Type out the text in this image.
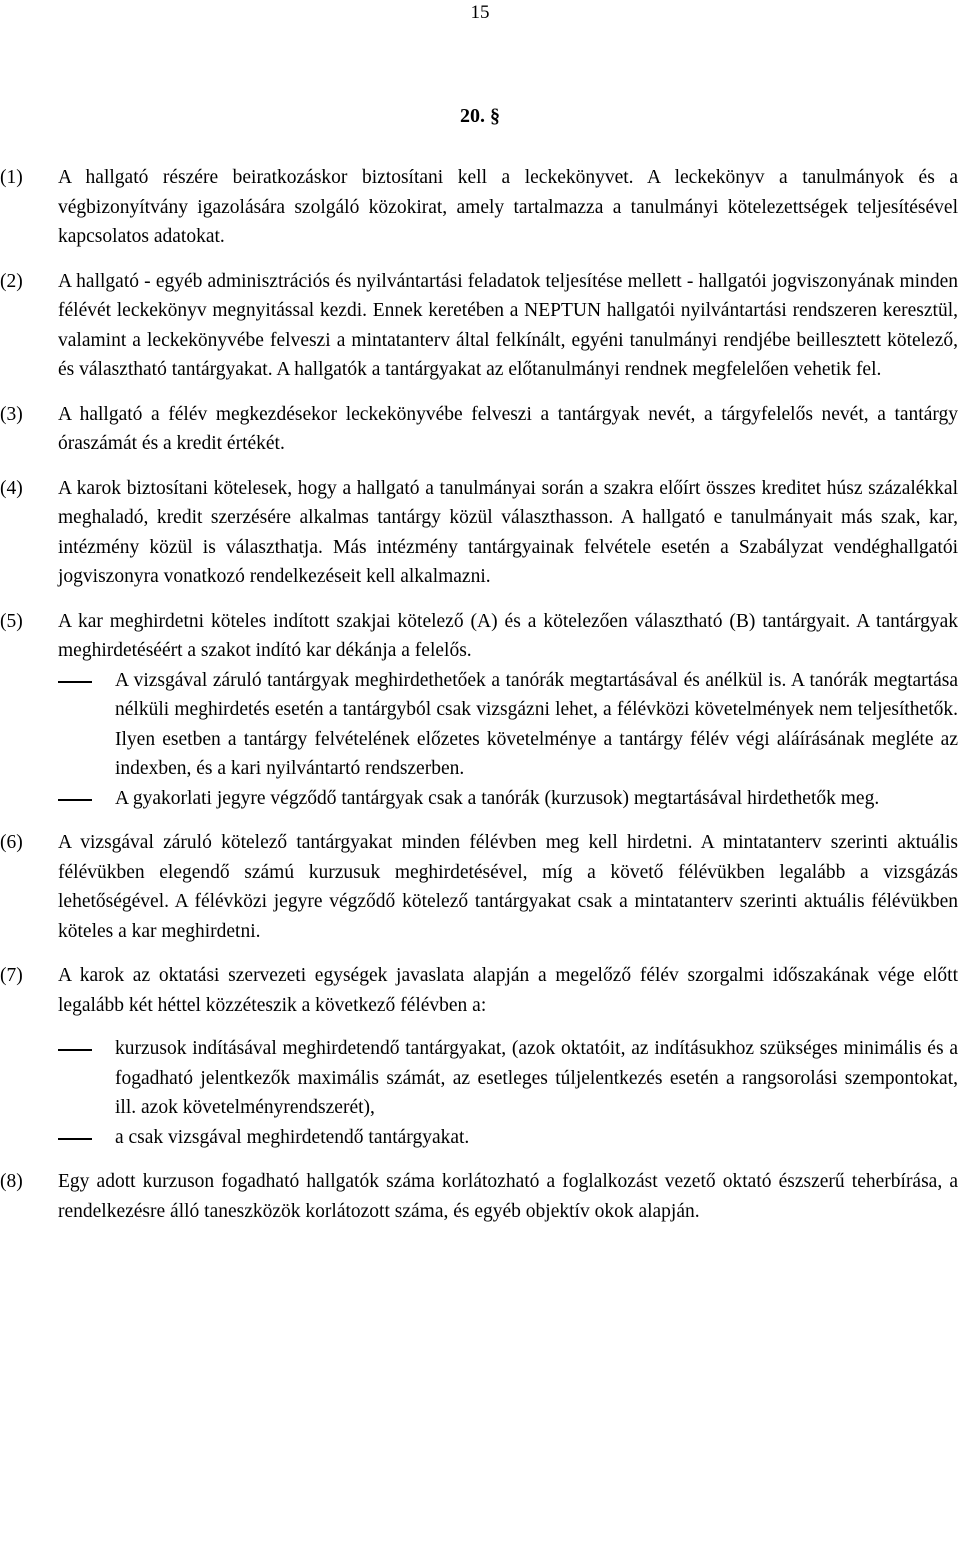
15
20. §
(1) A hallgató részére beiratkozáskor biztosítani kell a leckekönyvet. A leckekönyv a tanulmányok és a végbizonyítvány igazolására szolgáló közokirat, amely tartalmazza a tanulmányi kötelezettségek teljesítésével kapcsolatos adatokat.
(2) A hallgató - egyéb adminisztrációs és nyilvántartási feladatok teljesítése mellett - hallgatói jogviszonyának minden félévét leckekönyv megnyitással kezdi. Ennek keretében a NEPTUN hallgatói nyilvántartási rendszeren keresztül, valamint a leckekönyvébe felveszi a mintatanterv által felkínált, egyéni tanulmányi rendjébe beillesztett kötelező, és választható tantárgyakat. A hallgatók a tantárgyakat az előtanulmányi rendnek megfelelően vehetik fel.
(3) A hallgató a félév megkezdésekor leckekönyvébe felveszi a tantárgyak nevét, a tárgyfelelős nevét, a tantárgy óraszámát és a kredit értékét.
(4) A karok biztosítani kötelesek, hogy a hallgató a tanulmányai során a szakra előírt összes kreditet húsz százalékkal meghaladó, kredit szerzésére alkalmas tantárgy közül választhasson. A hallgató e tanulmányait más szak, kar, intézmény közül is választhatja. Más intézmény tantárgyainak felvétele esetén a Szabályzat vendéghallgatói jogviszonyra vonatkozó rendelkezéseit kell alkalmazni.
(5) A kar meghirdetni köteles indított szakjai kötelező (A) és a kötelezően választható (B) tantárgyait. A tantárgyak meghirdetéséért a szakot indító kar dékánja a felelős.
A vizsgával záruló tantárgyak meghirdethetőek a tanórák megtartásával és anélkül is. A tanórák megtartása nélküli meghirdetés esetén a tantárgyból csak vizsgázni lehet, a félévközi követelmények nem teljesíthetők. Ilyen esetben a tantárgy felvételének előzetes követelménye a tantárgy félév végi aláírásának megléte az indexben, és a kari nyilvántartó rendszerben.
A gyakorlati jegyre végződő tantárgyak csak a tanórák (kurzusok) megtartásával hirdethetők meg.
(6) A vizsgával záruló kötelező tantárgyakat minden félévben meg kell hirdetni. A mintatanterv szerinti aktuális félévükben elegendő számú kurzusuk meghirdetésével, míg a követő félévükben legalább a vizsgázás lehetőségével. A félévközi jegyre végződő kötelező tantárgyakat csak a mintatanterv szerinti aktuális félévükben köteles a kar meghirdetni.
(7) A karok az oktatási szervezeti egységek javaslata alapján a megelőző félév szorgalmi időszakának vége előtt legalább két héttel közzéteszik a következő félévben a:
kurzusok indításával meghirdetendő tantárgyakat, (azok oktatóit, az indításukhoz szükséges minimális és a fogadható jelentkezők maximális számát, az esetleges túljelentkezés esetén a rangsorolási szempontokat, ill. azok követelményrendszerét),
a csak vizsgával meghirdetendő tantárgyakat.
(8) Egy adott kurzuson fogadható hallgatók száma korlátozható a foglalkozást vezető oktató észszerű teherbírása, a rendelkezésre álló taneszközök korlátozott száma, és egyéb objektív okok alapján.
